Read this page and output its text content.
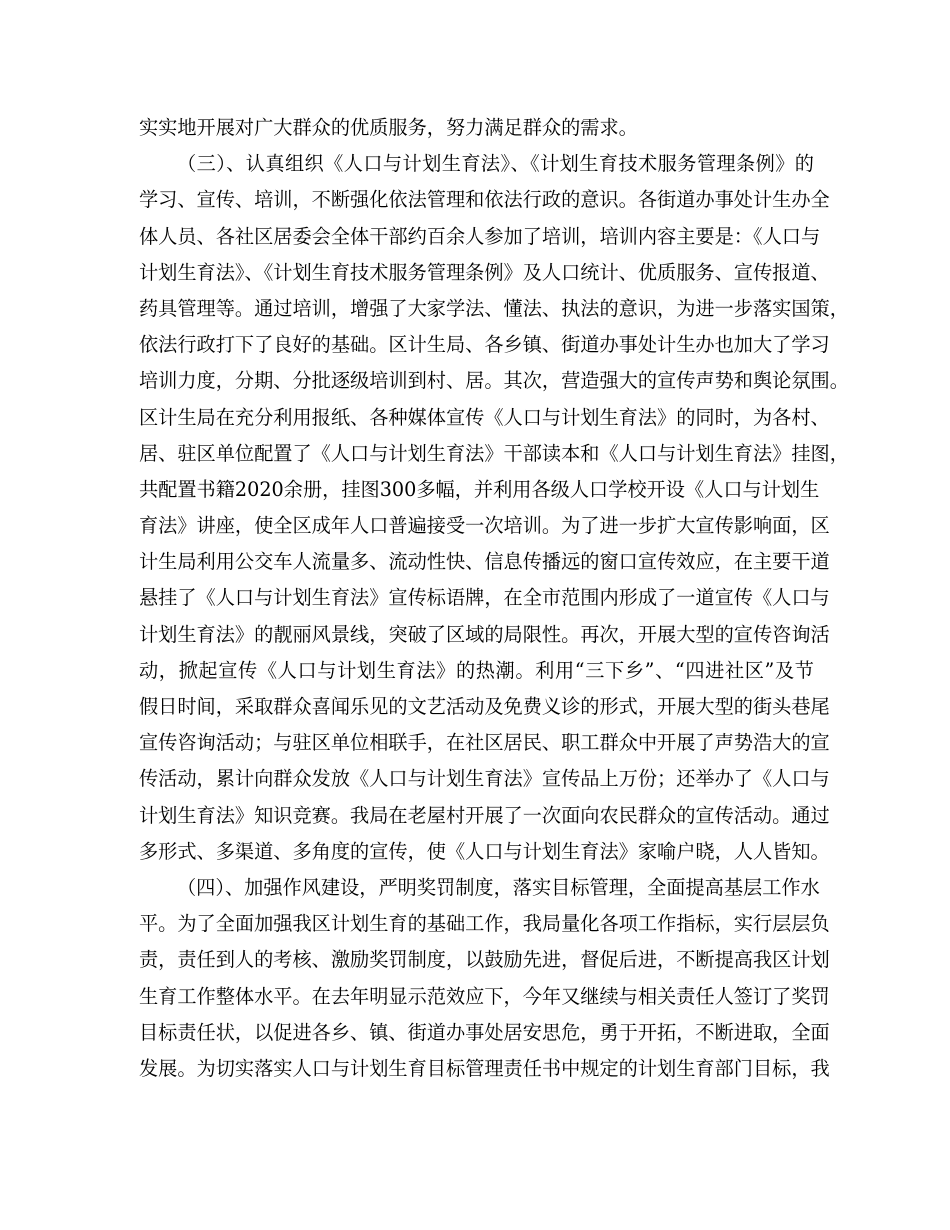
实实地开展对广大群众的优质服务，努力满足群众的需求。
（三）、认真组织《人口与计划生育法》、《计划生育技术服务管理条例》的
学习、宣传、培训，不断强化依法管理和依法行政的意识。各街道办事处计生办全
体人员、各社区居委会全体干部约百余人参加了培训，培训内容主要是：《人口与
计划生育法》、《计划生育技术服务管理条例》及人口统计、优质服务、宣传报道、
药具管理等。通过培训，增强了大家学法、懂法、执法的意识，为进一步落实国策，
依法行政打下了良好的基础。区计生局、各乡镇、街道办事处计生办也加大了学习
培训力度，分期、分批逐级培训到村、居。其次，营造强大的宣传声势和舆论氛围。
区计生局在充分利用报纸、各种媒体宣传《人口与计划生育法》的同时，为各村、
居、驻区单位配置了《人口与计划生育法》干部读本和《人口与计划生育法》挂图，
共配置书籍2020余册，挂图300多幅，并利用各级人口学校开设《人口与计划生
育法》讲座，使全区成年人口普遍接受一次培训。为了进一步扩大宣传影响面，区
计生局利用公交车人流量多、流动性快、信息传播远的窗口宣传效应，在主要干道
悬挂了《人口与计划生育法》宣传标语牌，在全市范围内形成了一道宣传《人口与
计划生育法》的靓丽风景线，突破了区域的局限性。再次，开展大型的宣传咨询活
动，掀起宣传《人口与计划生育法》的热潮。利用“三下乡”、“四进社区”及节
假日时间，采取群众喜闻乐见的文艺活动及免费义诊的形式，开展大型的街头巷尾
宣传咨询活动；与驻区单位相联手，在社区居民、职工群众中开展了声势浩大的宣
传活动，累计向群众发放《人口与计划生育法》宣传品上万份；还举办了《人口与
计划生育法》知识竞赛。我局在老屋村开展了一次面向农民群众的宣传活动。通过
多形式、多渠道、多角度的宣传，使《人口与计划生育法》家喻户晓，人人皆知。
（四）、加强作风建设，严明奖罚制度，落实目标管理，全面提高基层工作水
平。为了全面加强我区计划生育的基础工作，我局量化各项工作指标，实行层层负
责，责任到人的考核、激励奖罚制度，以鼓励先进，督促后进，不断提高我区计划
生育工作整体水平。在去年明显示范效应下，今年又继续与相关责任人签订了奖罚
目标责任状，以促进各乡、镇、街道办事处居安思危，勇于开拓，不断进取，全面
发展。为切实落实人口与计划生育目标管理责任书中规定的计划生育部门目标，我
